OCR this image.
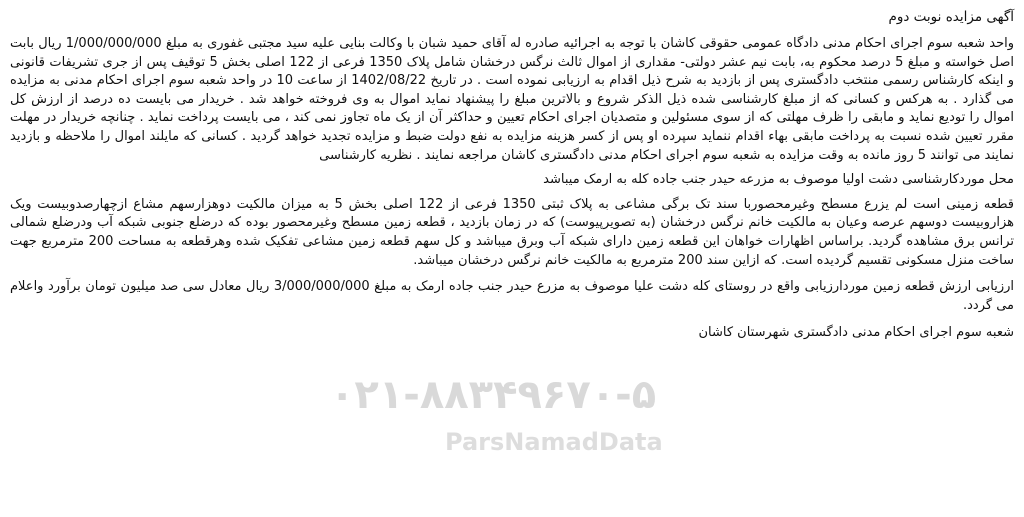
آگهی مزایده نوبت دوم

واحد شعبه سوم اجرای احکام مدنی دادگاه عمومی حقوقی کاشان با توجه به اجرائیه صادره له آقای حمید شبان با وکالت بنایی علیه سید مجتبی غفوری به مبلغ 1/000/000/000 ریال بابت اصل خواسته و مبلغ 5 درصد محکوم به، بابت نیم عشر دولتی- مقداری از اموال ثالث نرگس درخشان شامل پلاک 1350 فرعی از 122 اصلی بخش 5 توقیف پس از جری تشریفات قانونی و اینکه کارشناس رسمی منتخب دادگستری پس از بازدید به شرح ذیل اقدام به ارزیابی نموده است . در تاریخ 1402/08/22 از ساعت 10 در واحد شعبه سوم اجرای احکام مدنی به مزایده می گذارد . به هرکس و کسانی که از مبلغ کارشناسی شده ذیل الذکر شروع و بالاترین مبلغ را پیشنهاد نماید اموال به وی فروخته خواهد شد . خریدار می بایست ده درصد از ارزش کل اموال را تودیع نماید و مابقی را ظرف مهلتی که از سوی مسئولین و متصدیان اجرای احکام تعیین و حداکثر آن از یک ماه تجاوز نمی کند ، می بایست پرداخت نماید . چنانچه خریدار در مهلت مقرر تعیین شده نسبت به پرداخت مابقی بهاء اقدام ننماید سپرده او پس از کسر هزینه مزایده به نفع دولت ضبط و مزایده تجدید خواهد گردید . کسانی که مایلند اموال را ملاحظه و بازدید نمایند می توانند 5 روز مانده به وقت مزایده به شعبه سوم اجرای احکام مدنی دادگستری کاشان مراجعه نمایند . نظریه کارشناسی

محل موردکارشناسی دشت اولیا موصوف به مزرعه حیدر جنب جاده کله به ارمک میباشد

قطعه زمینی است لم یزرع مسطح وغیرمحصوربا سند تک برگی مشاعی به پلاک ثبتی 1350 فرعی از 122 اصلی بخش 5 به میزان مالکیت دوهزارسهم مشاع ازچهارصدوبیست ویک هزاروبیست دوسهم عرصه وعیان به مالکیت خانم نرگس درخشان (به تصویرپیوست) که در زمان بازدید ، قطعه زمین مسطح وغیرمحصور بوده که درضلع جنوبی شبکه آب ودرضلع شمالی ترانس برق مشاهده گردید. براساس اظهارات خواهان این قطعه زمین دارای شبکه آب وبرق میباشد و کل سهم قطعه زمین مشاعی تفکیک شده وهرقطعه به مساحت 200 مترمربع جهت ساخت منزل مسکونی تقسیم گردیده است. که ازاین سند 200 مترمربع به مالکیت خانم نرگس درخشان میباشد.

ارزیابی ارزش قطعه زمین موردارزیابی واقع در روستای کله دشت علیا موصوف به مزرع حیدر جنب جاده ارمک به مبلغ 3/000/000/000 ریال معادل سی صد میلیون تومان برآورد واعلام می گردد.

شعبه سوم اجرای احکام مدنی دادگستری شهرستان کاشان
۰۲۱-۸۸۳۴۹۶۷۰-۵
ParsNamadData
